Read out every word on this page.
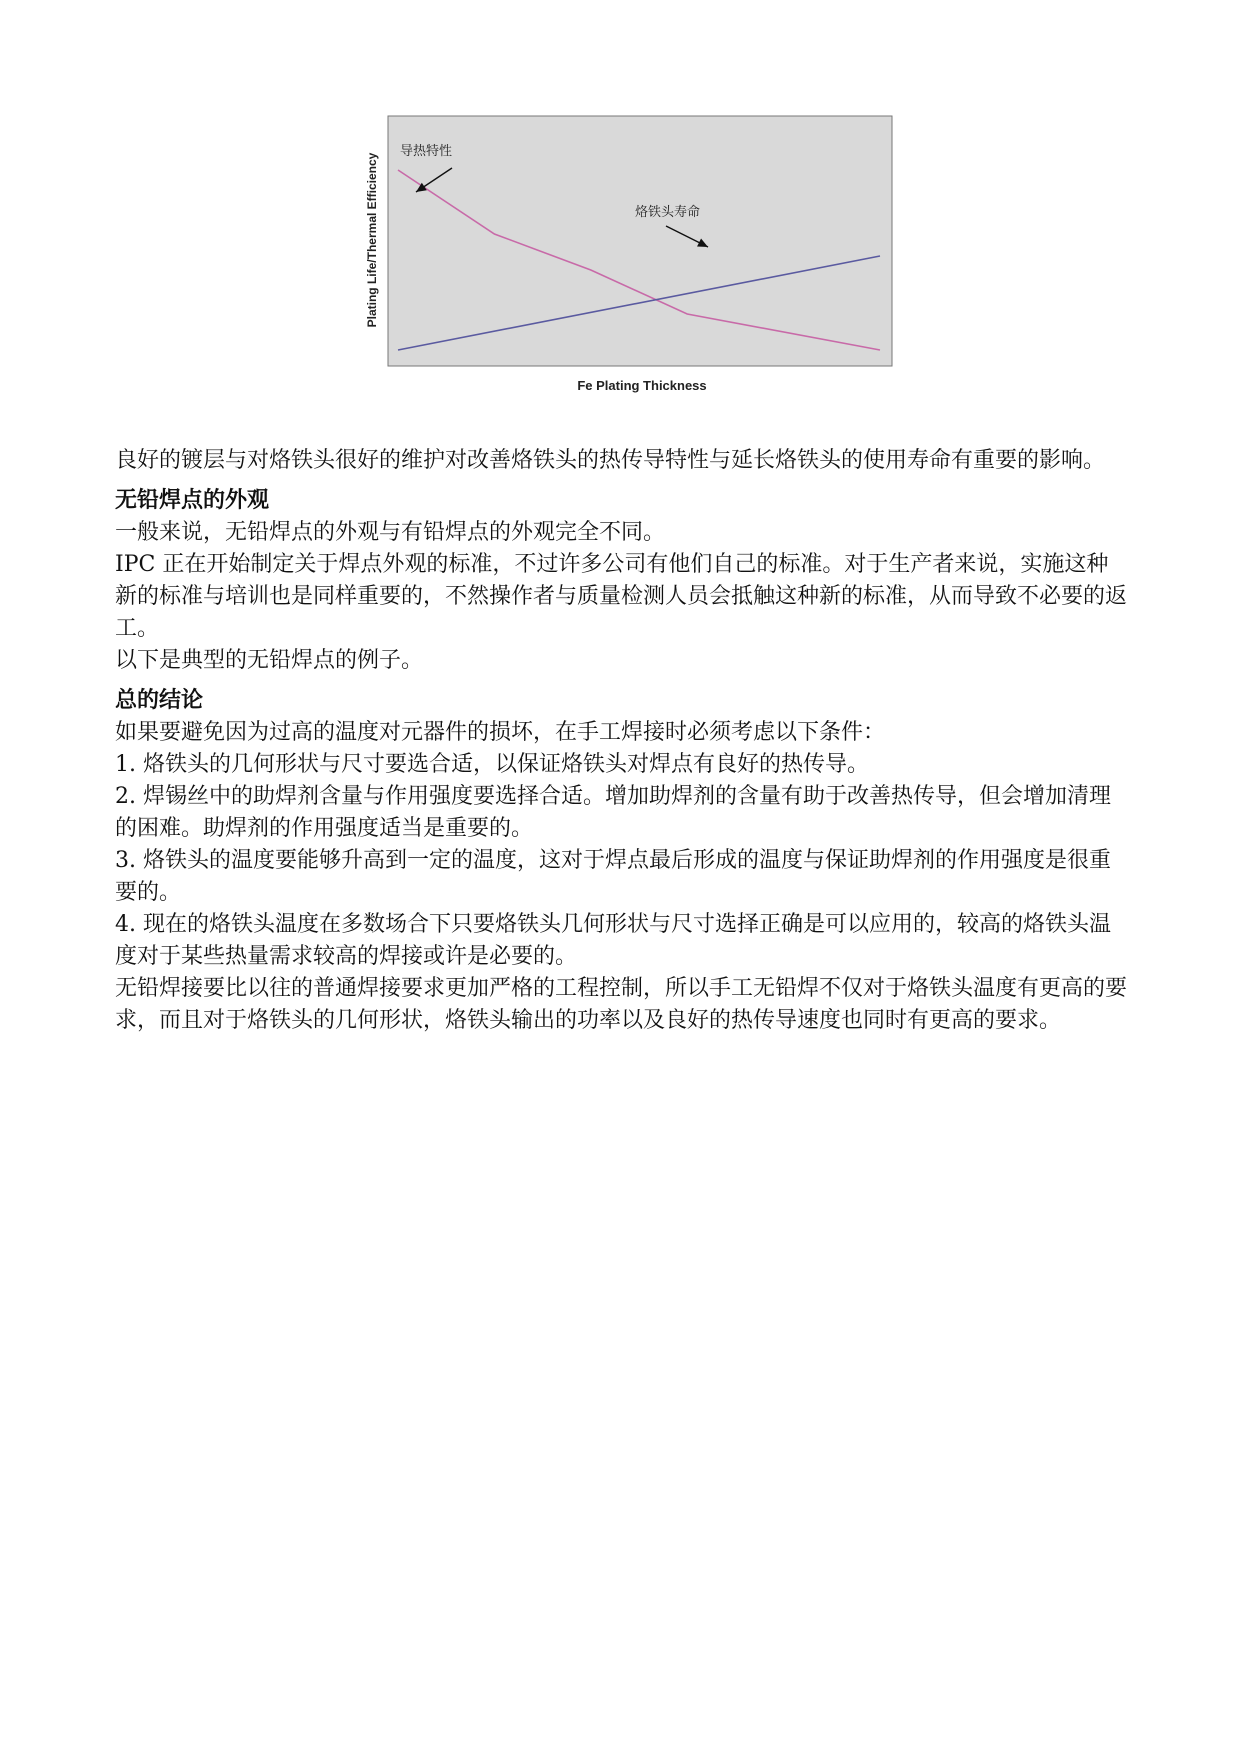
导热特性
烙铁头寿命
Plating Life/Thermal Efficiency
Fe Plating Thickness

良好的镀层与对烙铁头很好的维护对改善烙铁头的热传导特性与延长烙铁头的使用寿命有重要的影响。

无铅焊点的外观

一般来说，无铅焊点的外观与有铅焊点的外观完全不同。

IPC 正在开始制定关于焊点外观的标准，不过许多公司有他们自己的标准。对于生产者来说，实施这种新的标准与培训也是同样重要的，不然操作者与质量检测人员会抵触这种新的标准，从而导致不必要的返工。

以下是典型的无铅焊点的例子。

总的结论

如果要避免因为过高的温度对元器件的损坏，在手工焊接时必须考虑以下条件：

1. 烙铁头的几何形状与尺寸要选合适，以保证烙铁头对焊点有良好的热传导。

2. 焊锡丝中的助焊剂含量与作用强度要选择合适。增加助焊剂的含量有助于改善热传导，但会增加清理的困难。助焊剂的作用强度适当是重要的。

3. 烙铁头的温度要能够升高到一定的温度，这对于焊点最后形成的温度与保证助焊剂的作用强度是很重要的。

4. 现在的烙铁头温度在多数场合下只要烙铁头几何形状与尺寸选择正确是可以应用的，较高的烙铁头温度对于某些热量需求较高的焊接或许是必要的。

无铅焊接要比以往的普通焊接要求更加严格的工程控制，所以手工无铅焊不仅对于烙铁头温度有更高的要求，而且对于烙铁头的几何形状，烙铁头输出的功率以及良好的热传导速度也同时有更高的要求。
